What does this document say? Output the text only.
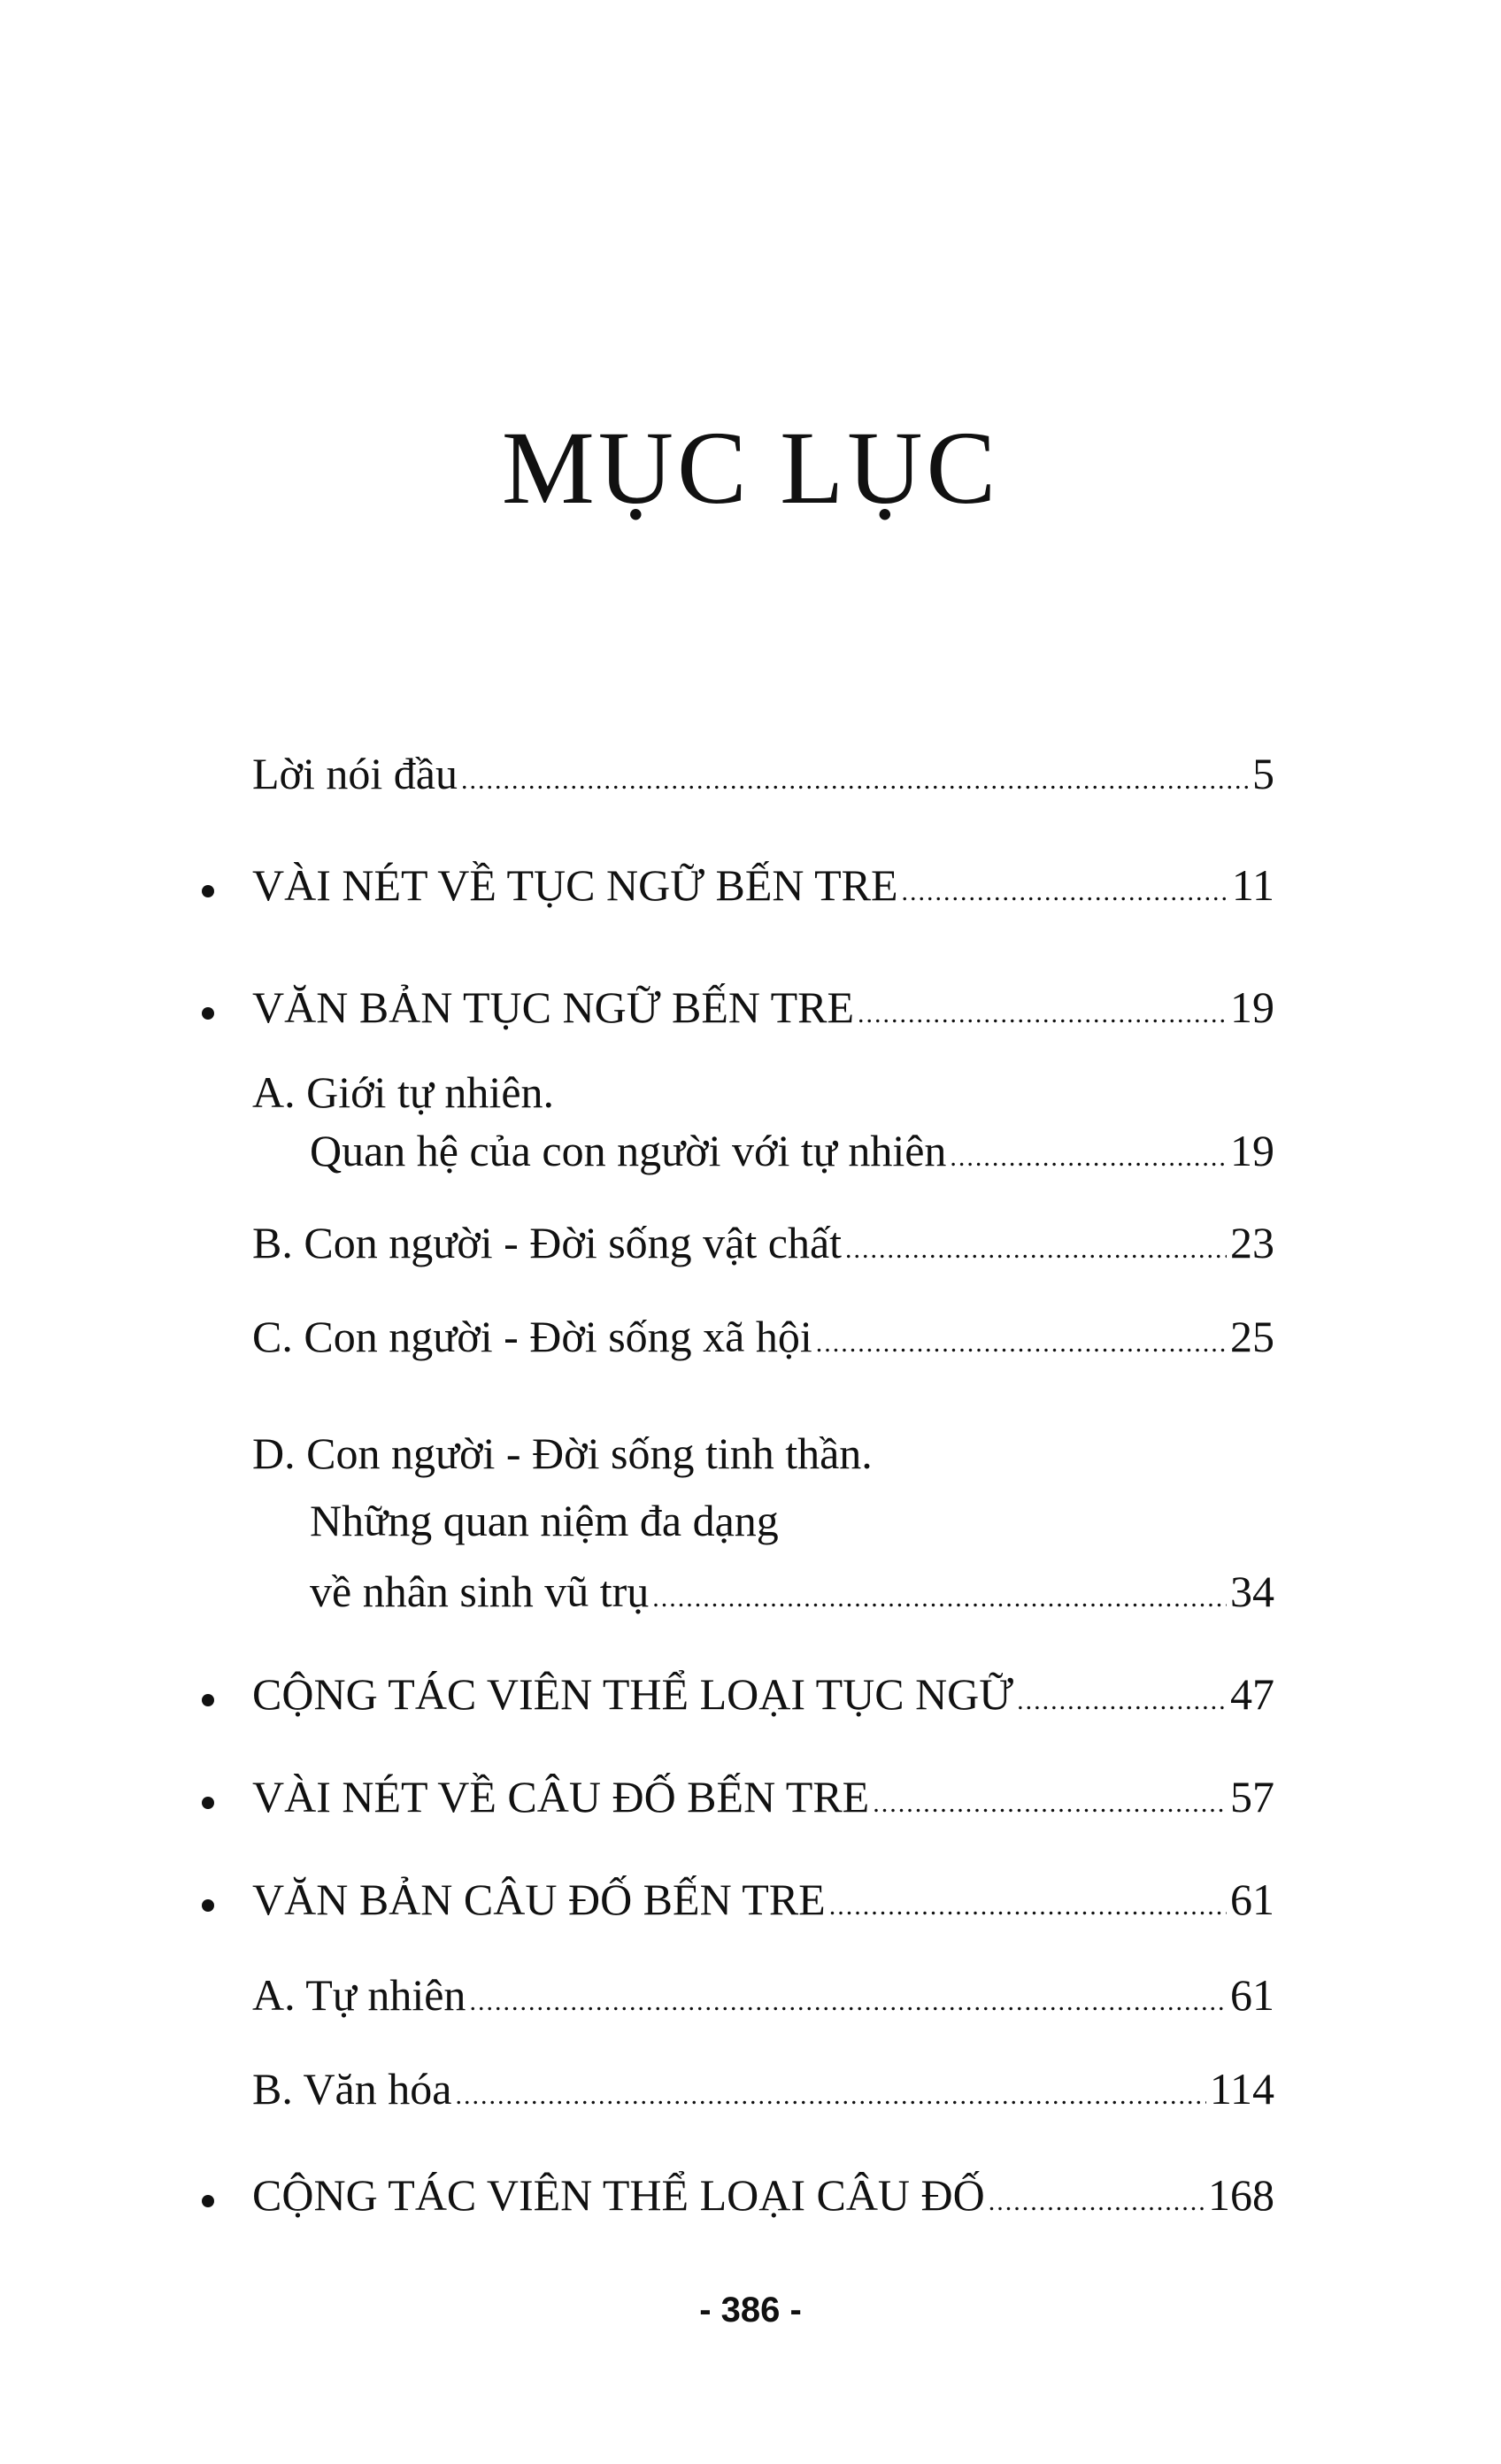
MỤC LỤC
Lời nói đầu .....	5
VÀI NÉT VỀ TỤC NGỮ BẾN TRE .....	11
VĂN BẢN TỤC NGỮ BẾN TRE .....	19
A. Giới tự nhiên.
Quan hệ của con người với tự nhiên .....	19
B. Con người - Đời sống vật chất .....	23
C. Con người - Đời sống xã hội .....	25
D. Con người - Đời sống tinh thần.
Những quan niệm đa dạng
về nhân sinh vũ trụ .....	34
CỘNG TÁC VIÊN THỂ LOẠI TỤC NGỮ .....	47
VÀI NÉT VỀ CÂU ĐỐ BẾN TRE .....	57
VĂN BẢN CÂU ĐỐ BẾN TRE .....	61
A. Tự nhiên .....	61
B. Văn hóa .....	114
CỘNG TÁC VIÊN THỂ LOẠI CÂU ĐỐ .....	168
- 386 -
